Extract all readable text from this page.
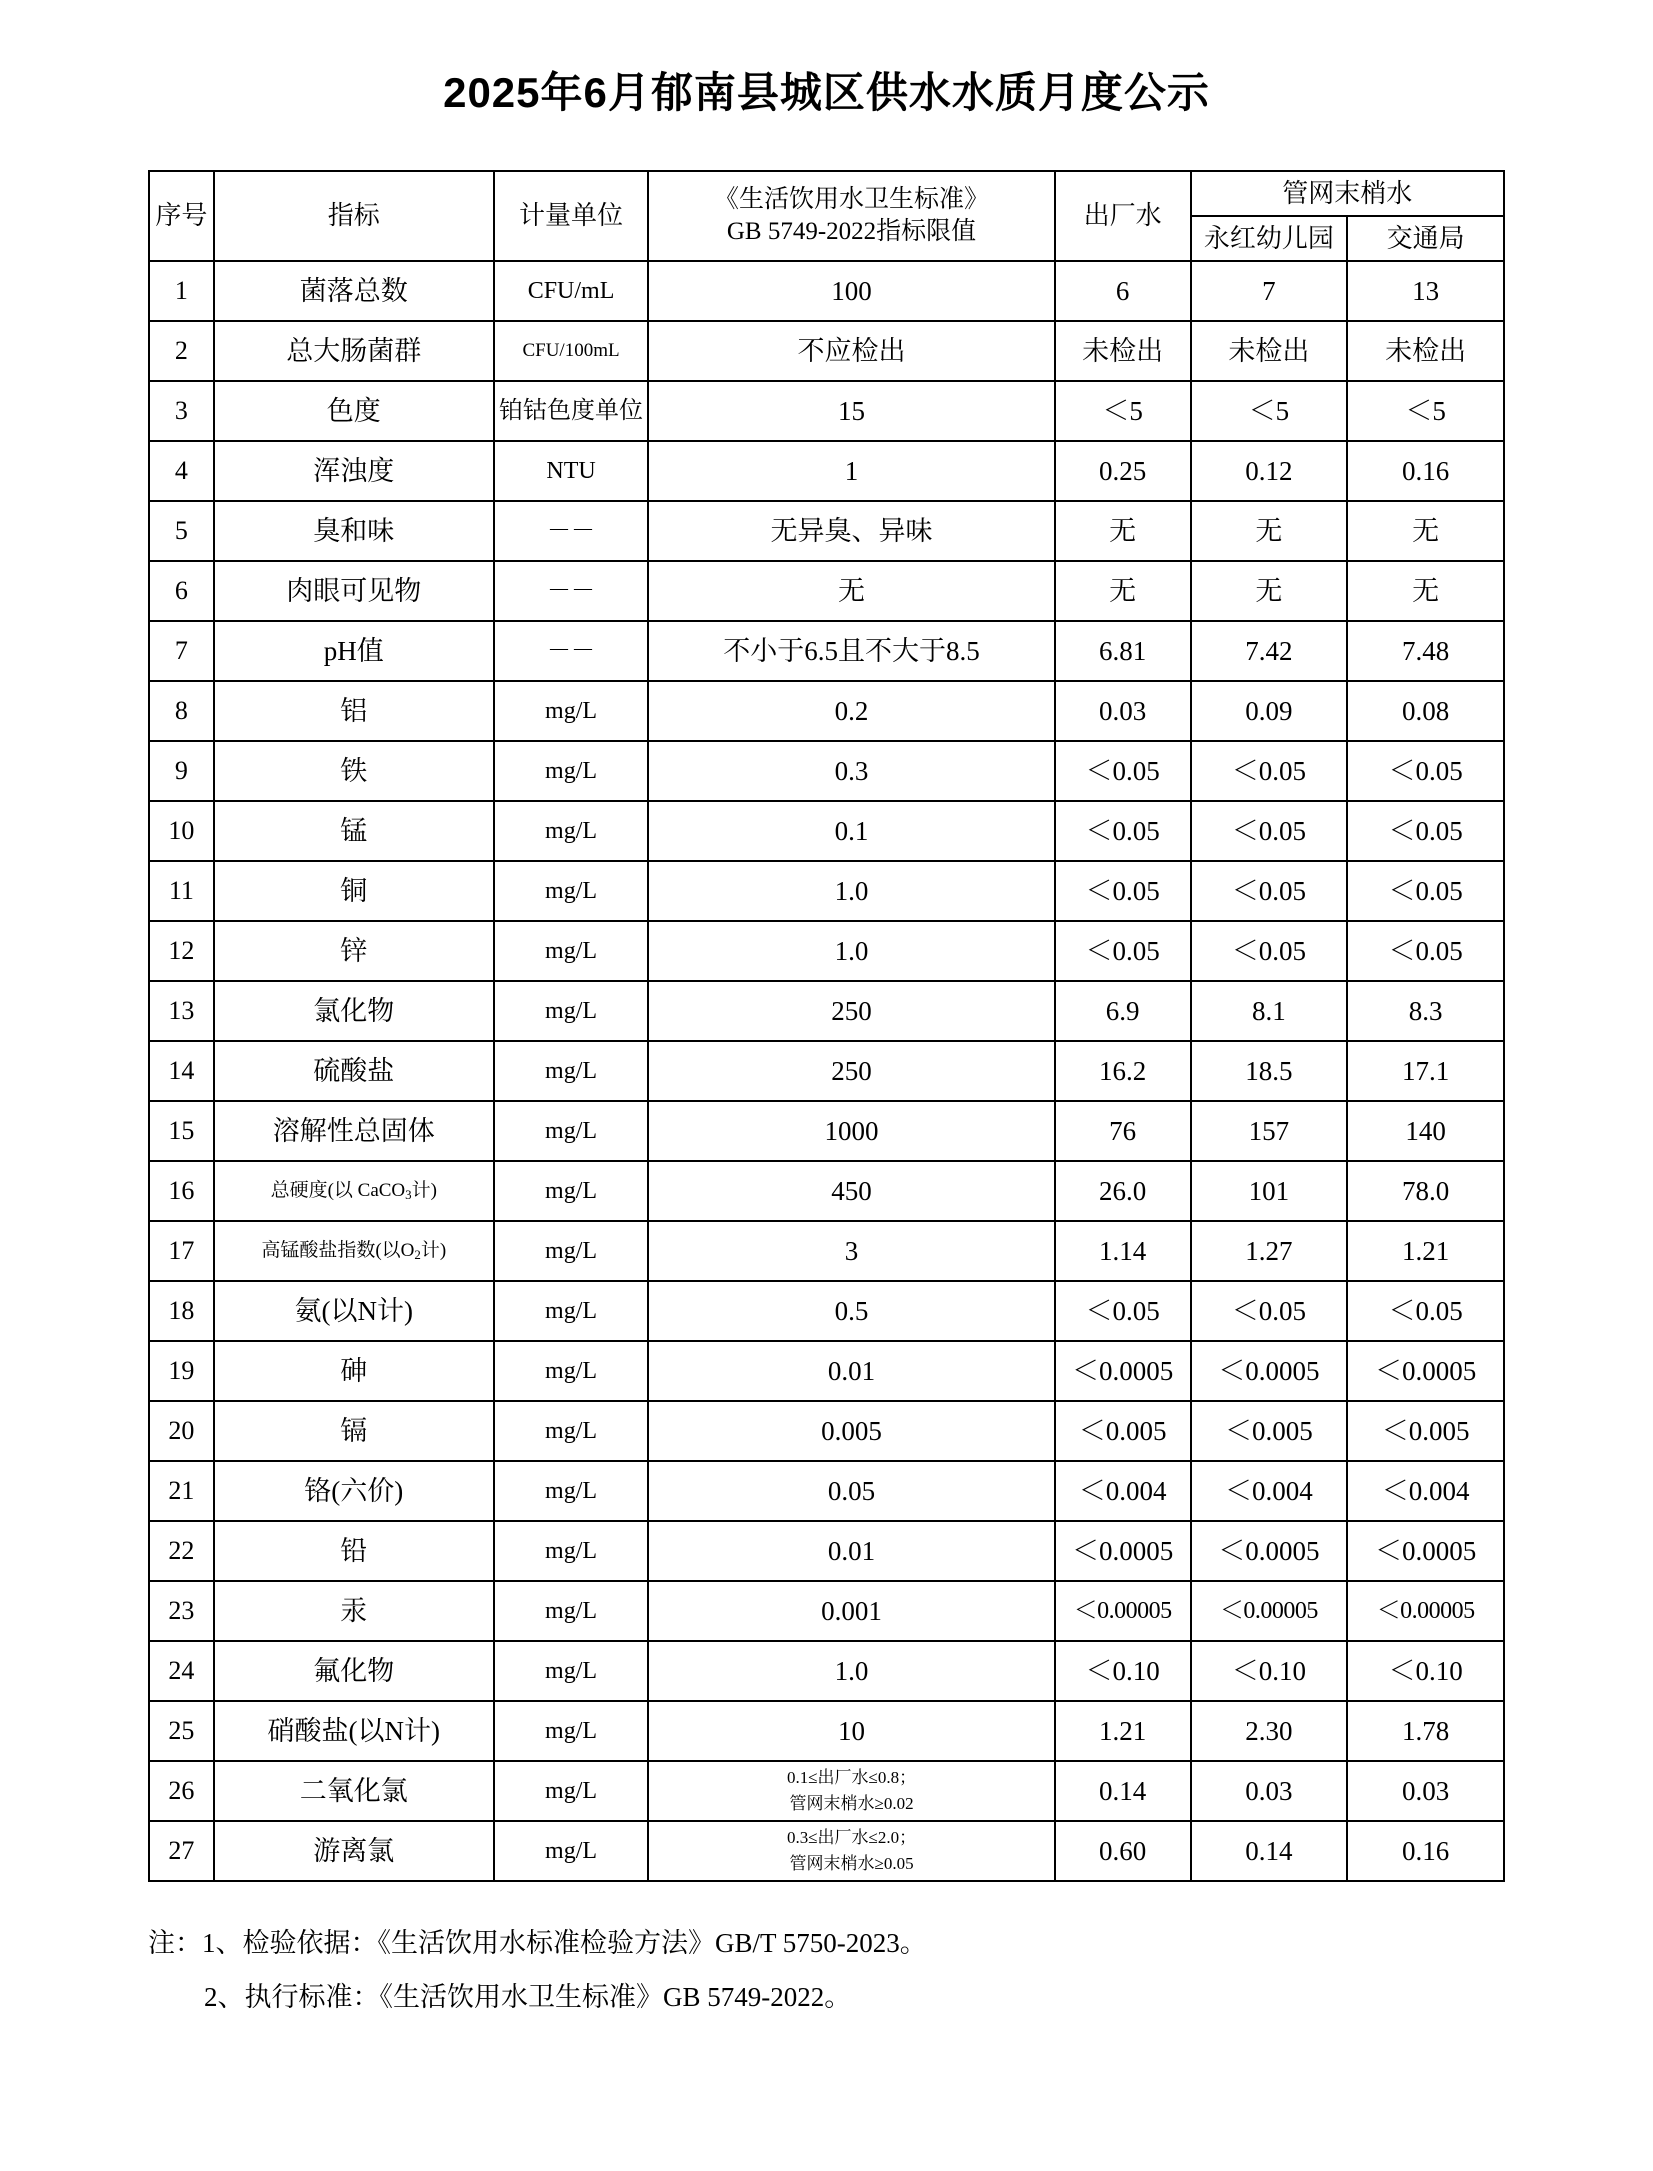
2025年6月郁南县城区供水水质月度公示
序号	指标	计量单位	《生活饮用水卫生标准》
GB 5749-2022指标限值	出厂水	管网末梢水	
					永红幼儿园	交通局
1	菌落总数	CFU/mL	100	6	7	13
2	总大肠菌群	CFU/100mL	不应检出	未检出	未检出	未检出
3	色度	铂钴色度单位	15	＜5	＜5	＜5
4	浑浊度	NTU	1	0.25	0.12	0.16
5	臭和味	－－	无异臭、异味	无	无	无
6	肉眼可见物	－－	无	无	无	无
7	pH值	－－	不小于6.5且不大于8.5	6.81	7.42	7.48
8	铝	mg/L	0.2	0.03	0.09	0.08
9	铁	mg/L	0.3	＜0.05	＜0.05	＜0.05
10	锰	mg/L	0.1	＜0.05	＜0.05	＜0.05
11	铜	mg/L	1.0	＜0.05	＜0.05	＜0.05
12	锌	mg/L	1.0	＜0.05	＜0.05	＜0.05
13	氯化物	mg/L	250	6.9	8.1	8.3
14	硫酸盐	mg/L	250	16.2	18.5	17.1
15	溶解性总固体	mg/L	1000	76	157	140
16	总硬度(以 CaCO$_3$计)	mg/L	450	26.0	101	78.0
17	高锰酸盐指数(以$O_2$计)	mg/L	3	1.14	1.27	1.21
18	氨(以N计)	mg/L	0.5	＜0.05	＜0.05	＜0.05
19	砷	mg/L	0.01	＜0.0005	＜0.0005	＜0.0005
20	镉	mg/L	0.005	＜0.005	＜0.005	＜0.005
21	铬(六价)	mg/L	0.05	＜0.004	＜0.004	＜0.004
22	铅	mg/L	0.01	＜0.0005	＜0.0005	＜0.0005
23	汞	mg/L	0.001	＜0.00005	＜0.00005	＜0.00005
24	氟化物	mg/L	1.0	＜0.10	＜0.10	＜0.10
25	硝酸盐(以N计)	mg/L	10	1.21	2.30	1.78
26	二氧化氯	mg/L	0.1≤出厂水≤0.8；
管网末梢水≥0.02	0.14	0.03	0.03
27	游离氯	mg/L	0.3≤出厂水≤2.0；
管网末梢水≥0.05	0.60	0.14	0.16
注：1、检验依据：《生活饮用水标准检验方法》GB/T 5750-2023。
2、执行标准：《生活饮用水卫生标准》GB 5749-2022。
